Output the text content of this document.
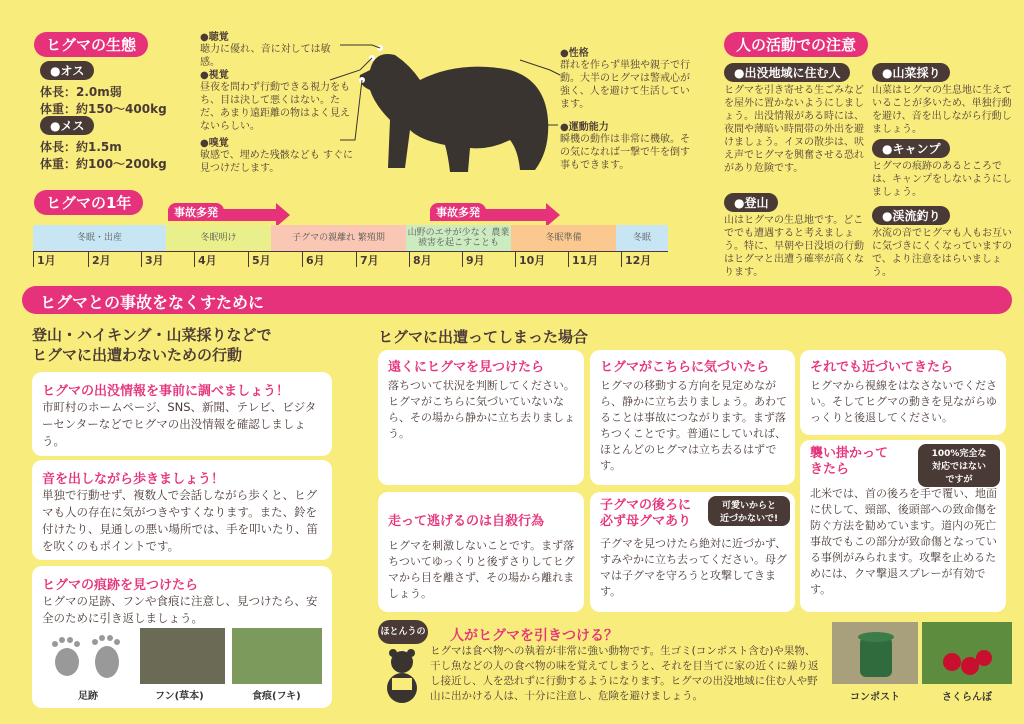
ヒグマの生態
●オス
体長：2.0m弱
体重：約150〜400kg
●メス
体長：約1.5m
体重：約100〜200kg
●聴覚
聴力に優れ、音に対しては敏感。
●視覚
昼夜を問わず行動できる視力をもち、目は決して悪くはない。ただ、あまり遠距離の物はよく見えないらしい。
●嗅覚
敏感で、埋めた残骸なども すぐに見つけだします。
●性格
群れを作らず単独や親子で行動。大半のヒグマは警戒心が強く、人を避けて生活しています。
●運動能力
瞬機の動作は非常に機敏。その気になれば一撃で牛を倒す事もできます。
ヒグマの1年
事故多発	事故多発
冬眠・出産	冬眠明け	子グマの親離れ 繁殖期	山野のエサが少なく 農業被害を起こすことも	冬眠準備	冬眠
1月	2月	3月	4月	5月	6月	7月	8月	9月	10月 11月 12月
人の活動での注意
●出没地域に住む人
ヒグマを引き寄せる生ごみなどを屋外に置かないようにしましょう。出没情報がある時には、夜間や薄暗い時間帯の外出を避けましょう。イヌの散歩は、吠え声でヒグマを興奮させる恐れがあり危険です。
●登山
山はヒグマの生息地です。どこででも遭遇すると考えましょう。特に、早朝や日没頃の行動はヒグマと出遭う確率が高くなります。
●山菜採り
山菜はヒグマの生息地に生えていることが多いため、単独行動を避け、音を出しながら行動しましょう。
●キャンプ
ヒグマの痕跡のあるところでは、キャンプをしないようにしましょう。
●渓流釣り
水流の音でヒグマも人もお互いに気づきにくくなっていますので、より注意をはらいましょう。
ヒグマとの事故をなくすために
登山・ハイキング・山菜採りなどで
ヒグマに出遭わないための行動
ヒグマの出没情報を事前に調べましょう！
市町村のホームページ、SNS、新聞、テレビ、ビジターセンターなどでヒグマの出没情報を確認しましょう。
音を出しながら歩きましょう！
単独で行動せず、複数人で会話しながら歩くと、ヒグマも人の存在に気がつきやすくなります。また、鈴を付けたり、見通しの悪い場所では、手を叩いたり、笛を吹くのもポイントです。
ヒグマの痕跡を見つけたら
ヒグマの足跡、フンや食痕に注意し、見つけたら、安全のために引き返しましょう。
足跡	フン(草本)	食痕(フキ)
ヒグマに出遭ってしまった場合
遠くにヒグマを見つけたら
落ちついて状況を判断してください。ヒグマがこちらに気づいていないなら、その場から静かに立ち去りましょう。
ヒグマがこちらに気づいたら
ヒグマの移動する方向を見定めながら、静かに立ち去りましょう。あわてることは事故につながります。まず落ちつくことです。普通にしていれば、ほとんどのヒグマは立ち去るはずです。
それでも近づいてきたら
ヒグマから視線をはなさないでください。そしてヒグマの動きを見ながらゆっくりと後退してください。
走って逃げるのは自殺行為
ヒグマを刺激しないことです。まず落ちついてゆっくりと後ずさりしてヒグマから目を離さず、その場から離れましょう。
子グマの後ろに
必ず母グマあり
可愛いからと
近づかないで!
子グマを見つけたら絶対に近づかず、すみやかに立ち去ってください。母グマは子グマを守ろうと攻撃してきます。
襲い掛かって
きたら
100%完全な
対応ではない
ですが
北米では、首の後ろを手で覆い、地面に伏して、頸部、後頭部への致命傷を防ぐ方法を勧めています。道内の死亡事故でもこの部分が致命傷となっている事例がみられます。攻撃を止めるためには、クマ撃退スプレーが有効です。
ほとんうの 人がヒグマを引きつける？
ヒグマは食べ物への執着が非常に強い動物です。生ゴミ(コンポスト含む)や果物、干し魚などの人の食べ物の味を覚えてしまうと、それを目当てに家の近くに繰り返し接近し、人を恐れずに行動するようになります。ヒグマの出没地域に住む人や野山に出かける人は、十分に注意し、危険を避けましょう。	コンポスト	さくらんぼ
